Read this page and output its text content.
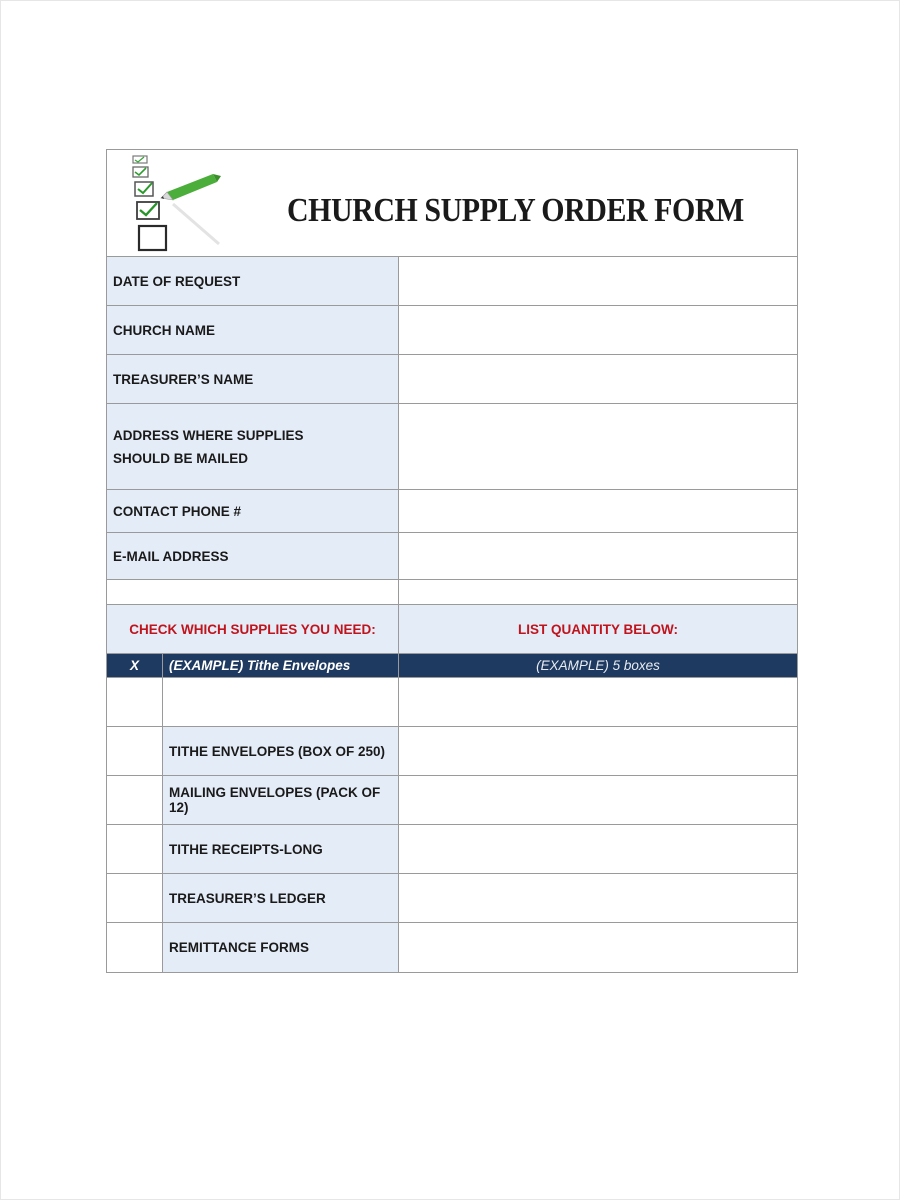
CHURCH SUPPLY ORDER FORM
DATE OF REQUEST
CHURCH NAME
TREASURER’S NAME
ADDRESS WHERE SUPPLIES
SHOULD BE MAILED
CONTACT PHONE #
E-MAIL ADDRESS
CHECK WHICH SUPPLIES YOU NEED:	LIST QUANTITY BELOW:
X	(EXAMPLE) Tithe Envelopes	(EXAMPLE) 5 boxes
TITHE ENVELOPES (BOX OF 250)
MAILING ENVELOPES (PACK OF 12)
TITHE RECEIPTS-LONG
TREASURER’S LEDGER
REMITTANCE FORMS
